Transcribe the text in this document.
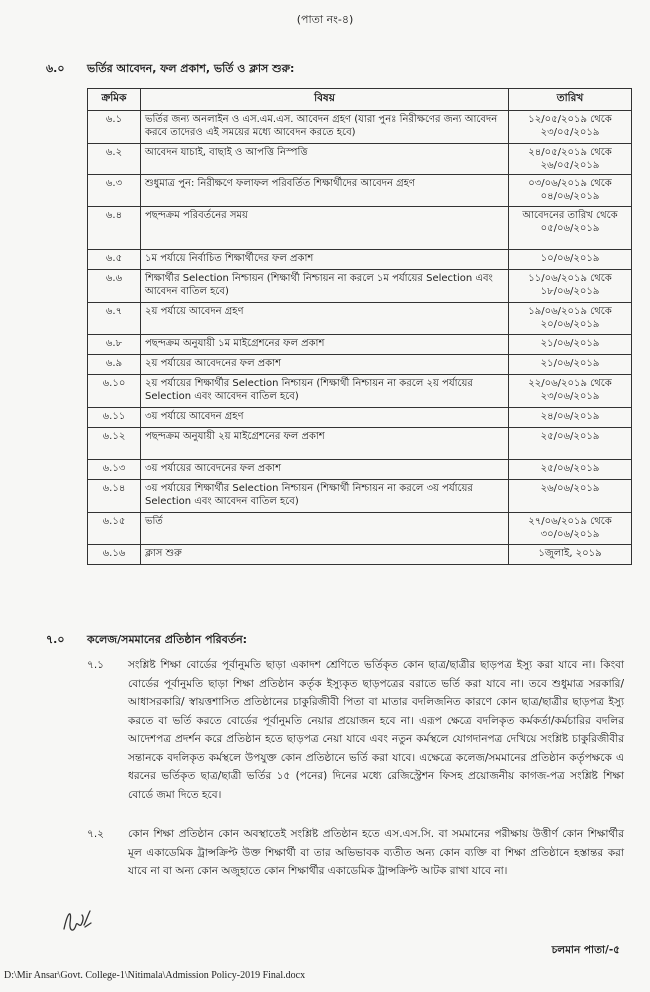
(পাতা নং-৪)
৬.০ ভর্তির আবেদন, ফল প্রকাশ, ভর্তি ও ক্লাস শুরু:
ক্রমিক	বিষয়	তারিখ
৬.১	ভর্তির জন্য অনলাইন ও এস.এম.এস. আবেদন গ্রহণ (যারা পুনঃ নিরীক্ষণের জন্য আবেদন করবে তাদেরও এই সময়ের মধ্যে আবেদন করতে হবে)	১২/০৫/২০১৯ থেকে ২৩/০৫/২০১৯
৬.২	আবেদন যাচাই, বাছাই ও আপত্তি নিস্পত্তি	২৪/০৫/২০১৯ থেকে ২৬/০৫/২০১৯
৬.৩	শুধুমাত্র পুন: নিরীক্ষণে ফলাফল পরিবর্তিত শিক্ষার্থীদের আবেদন গ্রহণ	০৩/০৬/২০১৯ থেকে ০৪/০৬/২০১৯
৬.৪	পছন্দক্রম পরিবর্তনের সময়	আবেদনের তারিখ থেকে ০৫/০৬/২০১৯
৬.৫	১ম পর্যায়ে নির্বাচিত শিক্ষার্থীদের ফল প্রকাশ	১০/০৬/২০১৯
৬.৬	শিক্ষার্থীর Selection নিশ্চায়ন (শিক্ষার্থী নিশ্চায়ন না করলে ১ম পর্যায়ের Selection এবং আবেদন বাতিল হবে)	১১/০৬/২০১৯ থেকে ১৮/০৬/২০১৯
৬.৭	২য় পর্যায়ে আবেদন গ্রহণ	১৯/০৬/২০১৯ থেকে ২০/০৬/২০১৯
৬.৮	পছন্দক্রম অনুযায়ী ১ম মাইগ্রেশনের ফল প্রকাশ	২১/০৬/২০১৯
৬.৯	২য় পর্যায়ের আবেদনের ফল প্রকাশ	২১/০৬/২০১৯
৬.১০	২য় পর্যায়ের শিক্ষার্থীর Selection নিশ্চায়ন (শিক্ষার্থী নিশ্চায়ন না করলে ২য় পর্যায়ের Selection এবং আবেদন বাতিল হবে)	২২/০৬/২০১৯ থেকে ২৩/০৬/২০১৯
৬.১১	৩য় পর্যায়ে আবেদন গ্রহণ	২৪/০৬/২০১৯
৬.১২	পছন্দক্রম অনুযায়ী ২য় মাইগ্রেশনের ফল প্রকাশ	২৫/০৬/২০১৯
৬.১৩	৩য় পর্যায়ের আবেদনের ফল প্রকাশ	২৫/০৬/২০১৯
৬.১৪	৩য় পর্যায়ের শিক্ষার্থীর Selection নিশ্চায়ন (শিক্ষার্থী নিশ্চায়ন না করলে ৩য় পর্যায়ের Selection এবং আবেদন বাতিল হবে)	২৬/০৬/২০১৯
৬.১৫	ভর্তি	২৭/০৬/২০১৯ থেকে ৩০/০৬/২০১৯
৬.১৬	ক্লাস শুরু	১জুলাই, ২০১৯
৭.০ কলেজ/সমমানের প্রতিষ্ঠান পরিবর্তন:
৭.১ সংশ্লিষ্ট শিক্ষা বোর্ডের পূর্বানুমতি ছাড়া একাদশ শ্রেণিতে ভর্তিকৃত কোন ছাত্র/ছাত্রীর ছাড়পত্র ইস্যু করা যাবে না। কিংবা বোর্ডের পূর্বানুমতি ছাড়া শিক্ষা প্রতিষ্ঠান কর্তৃক ইস্যুকৃত ছাড়পত্রের বরাতে ভর্তি করা যাবে না। তবে শুধুমাত্র সরকারি/ আধাসরকারি/ স্বায়ত্তশাসিত প্রতিষ্ঠানের চাকুরিজীবী পিতা বা মাতার বদলিজনিত কারণে কোন ছাত্র/ছাত্রীর ছাড়পত্র ইস্যু করতে বা ভর্তি করতে বোর্ডের পূর্বানুমতি নেয়ার প্রয়োজন হবে না। এরূপ ক্ষেত্রে বদলিকৃত কর্মকর্তা/কর্মচারির বদলির আদেশপত্র প্রদর্শন করে প্রতিষ্ঠান হতে ছাড়পত্র নেয়া যাবে এবং নতুন কর্মস্থলে যোগদানপত্র দেখিয়ে সংশ্লিষ্ট চাকুরিজীবীর সন্তানকে বদলিকৃত কর্মস্থলে উপযুক্ত কোন প্রতিষ্ঠানে ভর্তি করা যাবে। এক্ষেত্রে কলেজ/সমমানের প্রতিষ্ঠান কর্তৃপক্ষকে এ ধরনের ভর্তিকৃত ছাত্র/ছাত্রী ভর্তির ১৫ (পনের) দিনের মধ্যে রেজিস্ট্রেশন ফিসহ প্রয়োজনীয় কাগজ-পত্র সংশ্লিষ্ট শিক্ষা বোর্ডে জমা দিতে হবে।
৭.২ কোন শিক্ষা প্রতিষ্ঠান কোন অবস্থাতেই সংশ্লিষ্ট প্রতিষ্ঠান হতে এস.এস.সি. বা সমমানের পরীক্ষায় উত্তীর্ণ কোন শিক্ষার্থীর মূল একাডেমিক ট্রান্সক্রিপ্ট উক্ত শিক্ষার্থী বা তার অভিভাবক ব্যতীত অন্য কোন ব্যক্তি বা শিক্ষা প্রতিষ্ঠানে হস্তান্তর করা যাবে না বা অন্য কোন অজুহাতে কোন শিক্ষার্থীর একাডেমিক ট্রান্সক্রিপ্ট আটক রাখা যাবে না।
চলমান পাতা/-৫
D:\Mir Ansar\Govt. College-1\Nitimala\Admission Policy-2019 Final.docx
